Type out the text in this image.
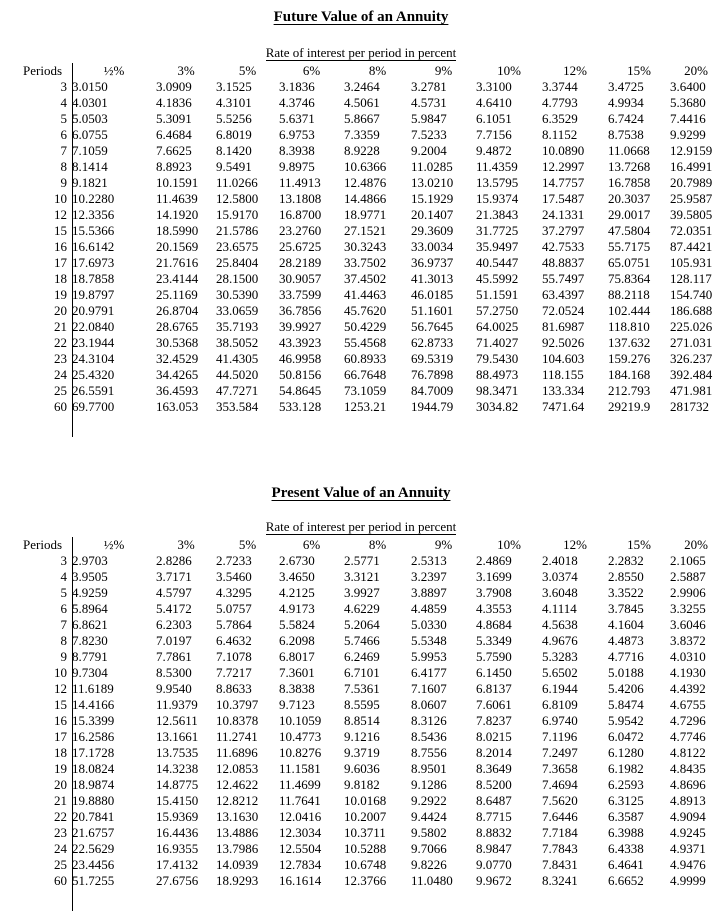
Future Value of an Annuity
Rate of interest per period in percent
Periods
		½%	3%	5%	6%	8%	9%	10%	12%	15%	20%
3	3.0150	3.0909	3.1525	3.1836	3.2464	3.2781	3.3100	3.3744	3.4725	3.6400
4	4.0301	4.1836	4.3101	4.3746	4.5061	4.5731	4.6410	4.7793	4.9934	5.3680
5	5.0503	5.3091	5.5256	5.6371	5.8667	5.9847	6.1051	6.3529	6.7424	7.4416
6	6.0755	6.4684	6.8019	6.9753	7.3359	7.5233	7.7156	8.1152	8.7538	9.9299
7	7.1059	7.6625	8.1420	8.3938	8.9228	9.2004	9.4872	10.0890	11.0668	12.9159
8	8.1414	8.8923	9.5491	9.8975	10.6366	11.0285	11.4359	12.2997	13.7268	16.4991
9	9.1821	10.1591	11.0266	11.4913	12.4876	13.0210	13.5795	14.7757	16.7858	20.7989
10	10.2280	11.4639	12.5800	13.1808	14.4866	15.1929	15.9374	17.5487	20.3037	25.9587
12	12.3356	14.1920	15.9170	16.8700	18.9771	20.1407	21.3843	24.1331	29.0017	39.5805
15	15.5366	18.5990	21.5786	23.2760	27.1521	29.3609	31.7725	37.2797	47.5804	72.0351
16	16.6142	20.1569	23.6575	25.6725	30.3243	33.0034	35.9497	42.7533	55.7175	87.4421
17	17.6973	21.7616	25.8404	28.2189	33.7502	36.9737	40.5447	48.8837	65.0751	105.931
18	18.7858	23.4144	28.1500	30.9057	37.4502	41.3013	45.5992	55.7497	75.8364	128.117
19	19.8797	25.1169	30.5390	33.7599	41.4463	46.0185	51.1591	63.4397	88.2118	154.740
20	20.9791	26.8704	33.0659	36.7856	45.7620	51.1601	57.2750	72.0524	102.444	186.688
21	22.0840	28.6765	35.7193	39.9927	50.4229	56.7645	64.0025	81.6987	118.810	225.026
22	23.1944	30.5368	38.5052	43.3923	55.4568	62.8733	71.4027	92.5026	137.632	271.031
23	24.3104	32.4529	41.4305	46.9958	60.8933	69.5319	79.5430	104.603	159.276	326.237
24	25.4320	34.4265	44.5020	50.8156	66.7648	76.7898	88.4973	118.155	184.168	392.484
25	26.5591	36.4593	47.7271	54.8645	73.1059	84.7009	98.3471	133.334	212.793	471.981
60	69.7700	163.053	353.584	533.128	1253.21	1944.79	3034.82	7471.64	29219.9	281732
Present Value of an Annuity
Rate of interest per period in percent
Periods
		½%	3%	5%	6%	8%	9%	10%	12%	15%	20%
3	2.9703	2.8286	2.7233	2.6730	2.5771	2.5313	2.4869	2.4018	2.2832	2.1065
4	3.9505	3.7171	3.5460	3.4650	3.3121	3.2397	3.1699	3.0374	2.8550	2.5887
5	4.9259	4.5797	4.3295	4.2125	3.9927	3.8897	3.7908	3.6048	3.3522	2.9906
6	5.8964	5.4172	5.0757	4.9173	4.6229	4.4859	4.3553	4.1114	3.7845	3.3255
7	6.8621	6.2303	5.7864	5.5824	5.2064	5.0330	4.8684	4.5638	4.1604	3.6046
8	7.8230	7.0197	6.4632	6.2098	5.7466	5.5348	5.3349	4.9676	4.4873	3.8372
9	8.7791	7.7861	7.1078	6.8017	6.2469	5.9953	5.7590	5.3283	4.7716	4.0310
10	9.7304	8.5300	7.7217	7.3601	6.7101	6.4177	6.1450	5.6502	5.0188	4.1930
12	11.6189	9.9540	8.8633	8.3838	7.5361	7.1607	6.8137	6.1944	5.4206	4.4392
15	14.4166	11.9379	10.3797	9.7123	8.5595	8.0607	7.6061	6.8109	5.8474	4.6755
16	15.3399	12.5611	10.8378	10.1059	8.8514	8.3126	7.8237	6.9740	5.9542	4.7296
17	16.2586	13.1661	11.2741	10.4773	9.1216	8.5436	8.0215	7.1196	6.0472	4.7746
18	17.1728	13.7535	11.6896	10.8276	9.3719	8.7556	8.2014	7.2497	6.1280	4.8122
19	18.0824	14.3238	12.0853	11.1581	9.6036	8.9501	8.3649	7.3658	6.1982	4.8435
20	18.9874	14.8775	12.4622	11.4699	9.8182	9.1286	8.5200	7.4694	6.2593	4.8696
21	19.8880	15.4150	12.8212	11.7641	10.0168	9.2922	8.6487	7.5620	6.3125	4.8913
22	20.7841	15.9369	13.1630	12.0416	10.2007	9.4424	8.7715	7.6446	6.3587	4.9094
23	21.6757	16.4436	13.4886	12.3034	10.3711	9.5802	8.8832	7.7184	6.3988	4.9245
24	22.5629	16.9355	13.7986	12.5504	10.5288	9.7066	8.9847	7.7843	6.4338	4.9371
25	23.4456	17.4132	14.0939	12.7834	10.6748	9.8226	9.0770	7.8431	6.4641	4.9476
60	51.7255	27.6756	18.9293	16.1614	12.3766	11.0480	9.9672	8.3241	6.6652	4.9999
